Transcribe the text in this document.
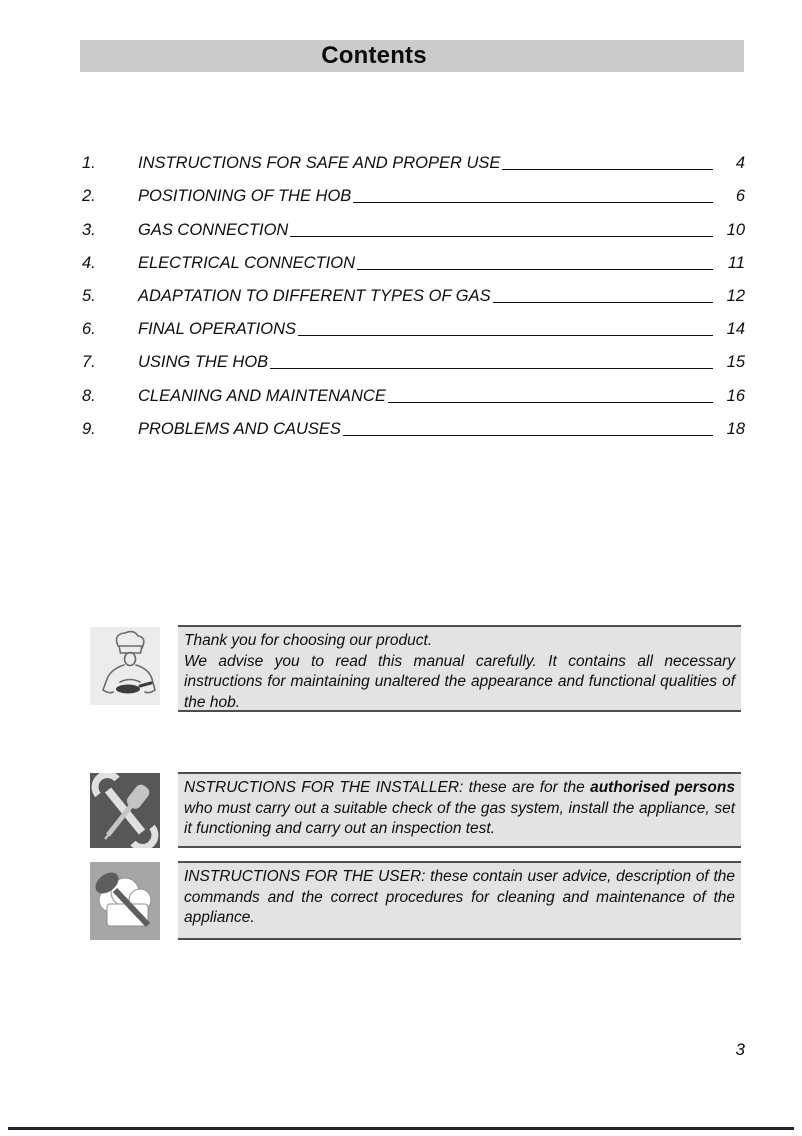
Contents
1.	INSTRUCTIONS FOR SAFE AND PROPER USE	4
2.	POSITIONING OF THE HOB	6
3.	GAS CONNECTION	10
4.	ELECTRICAL CONNECTION	11
5.	ADAPTATION TO DIFFERENT TYPES OF GAS	12
6.	FINAL OPERATIONS	14
7.	USING THE HOB	15
8.	CLEANING AND MAINTENANCE	16
9.	PROBLEMS AND CAUSES	18
Thank you for choosing our product.
We advise you to read this manual carefully. It contains all necessary instructions for maintaining unaltered the appearance and functional qualities of the hob.
NSTRUCTIONS FOR THE INSTALLER: these are for the authorised persons who must carry out a suitable check of the gas system, install the appliance, set it functioning and carry out an inspection test.
INSTRUCTIONS FOR THE USER: these contain user advice, description of the commands and the correct procedures for cleaning and maintenance of the appliance.
3
